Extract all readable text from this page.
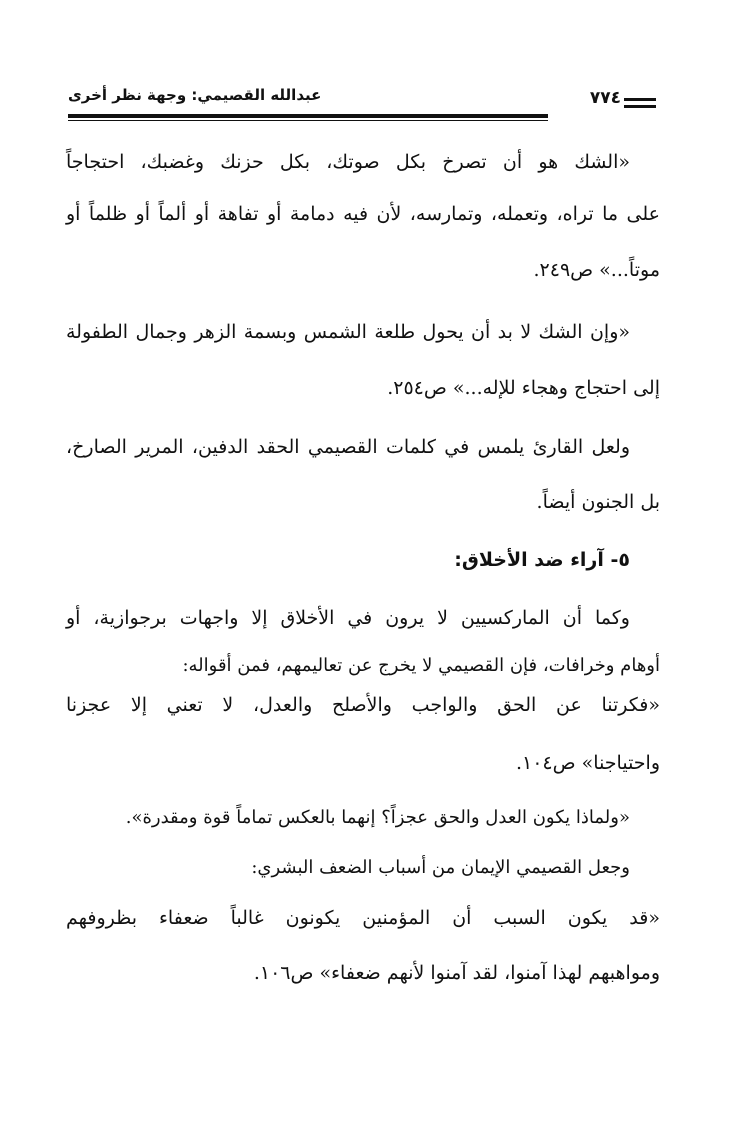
عبدالله القصيمي: وجهة نظر أخرى	٧٧٤
«الشك هو أن تصرخ بكل صوتك، بكل حزنك وغضبك، احتجاجاً
على ما تراه، وتعمله، وتمارسه، لأن فيه دمامة أو تفاهة أو ألماً أو ظلماً أو
موتاً...» ص٢٤٩.
«وإن الشك لا بد أن يحول طلعة الشمس وبسمة الزهر وجمال الطفولة
إلى احتجاج وهجاء للإله...» ص٢٥٤.
ولعل القارئ يلمس في كلمات القصيمي الحقد الدفين، المرير الصارخ،
بل الجنون أيضاً.
٥- آراء ضد الأخلاق:
وكما أن الماركسيين لا يرون في الأخلاق إلا واجهات برجوازية، أو
أوهام وخرافات، فإن القصيمي لا يخرج عن تعاليمهم، فمن أقواله:
«فكرتنا عن الحق والواجب والأصلح والعدل، لا تعني إلا عجزنا
واحتياجنا» ص١٠٤.
«ولماذا يكون العدل والحق عجزاً؟ إنهما بالعكس تماماً قوة ومقدرة».
وجعل القصيمي الإيمان من أسباب الضعف البشري:
«قد يكون السبب أن المؤمنين يكونون غالباً ضعفاء بظروفهم
ومواهبهم لهذا آمنوا، لقد آمنوا لأنهم ضعفاء» ص١٠٦.
